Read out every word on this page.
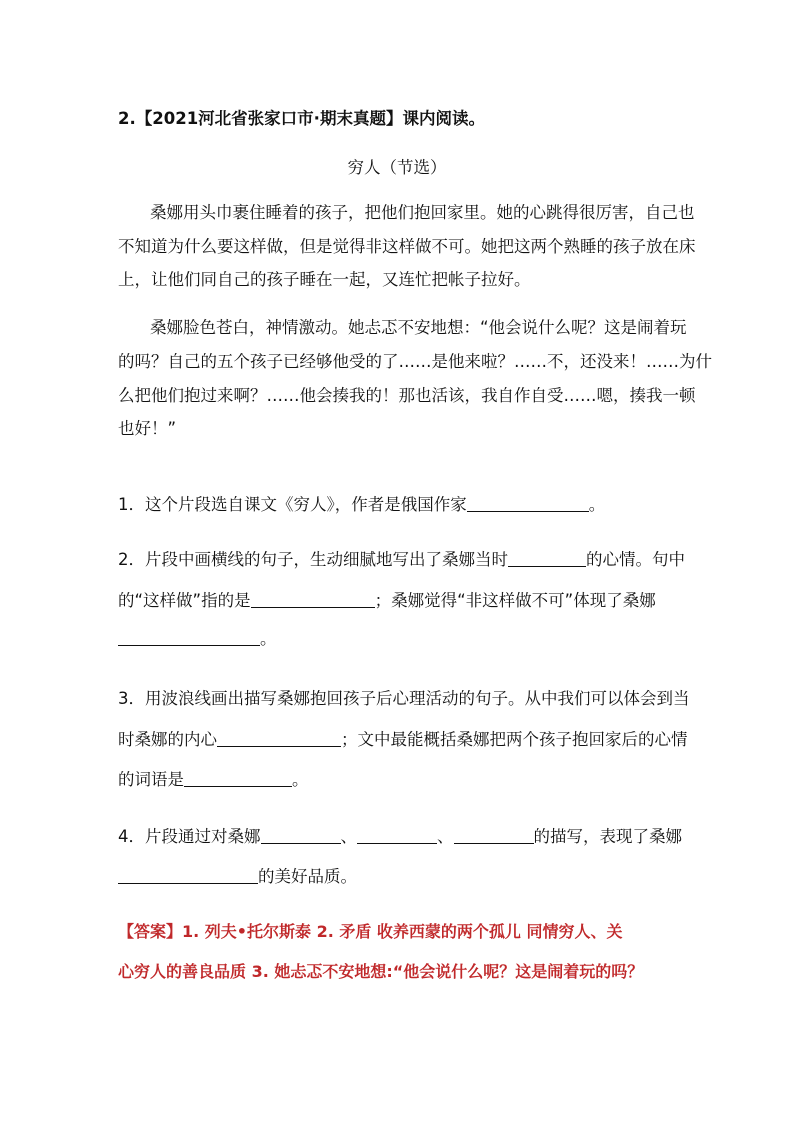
2.【2021河北省张家口市·期末真题】课内阅读。
穷人（节选）
桑娜用头巾裹住睡着的孩子，把他们抱回家里。她的心跳得很厉害，自己也
不知道为什么要这样做，但是觉得非这样做不可。她把这两个熟睡的孩子放在床
上，让他们同自己的孩子睡在一起，又连忙把帐子拉好。
桑娜脸色苍白，神情激动。她忐忑不安地想：“他会说什么呢？这是闹着玩
的吗？自己的五个孩子已经够他受的了……是他来啦？……不，还没来！……为什
么把他们抱过来啊？……他会揍我的！那也活该，我自作自受……嗯，揍我一顿
也好！”
1．这个片段选自课文《穷人》，作者是俄国作家	。
2．片段中画横线的句子，生动细腻地写出了桑娜当时	的心情。句中
的“这样做”指的是	；桑娜觉得“非这样做不可”体现了桑娜
。
3．用波浪线画出描写桑娜抱回孩子后心理活动的句子。从中我们可以体会到当
时桑娜的内心	；文中最能概括桑娜把两个孩子抱回家后的心情
的词语是	。
4．片段通过对桑娜	、	、	的描写，表现了桑娜
的美好品质。
【答案】1. 列夫•托尔斯泰 2. 矛盾 收养西蒙的两个孤儿 同情穷人、关
心穷人的善良品质 3. 她忐忑不安地想:“他会说什么呢？这是闹着玩的吗？
